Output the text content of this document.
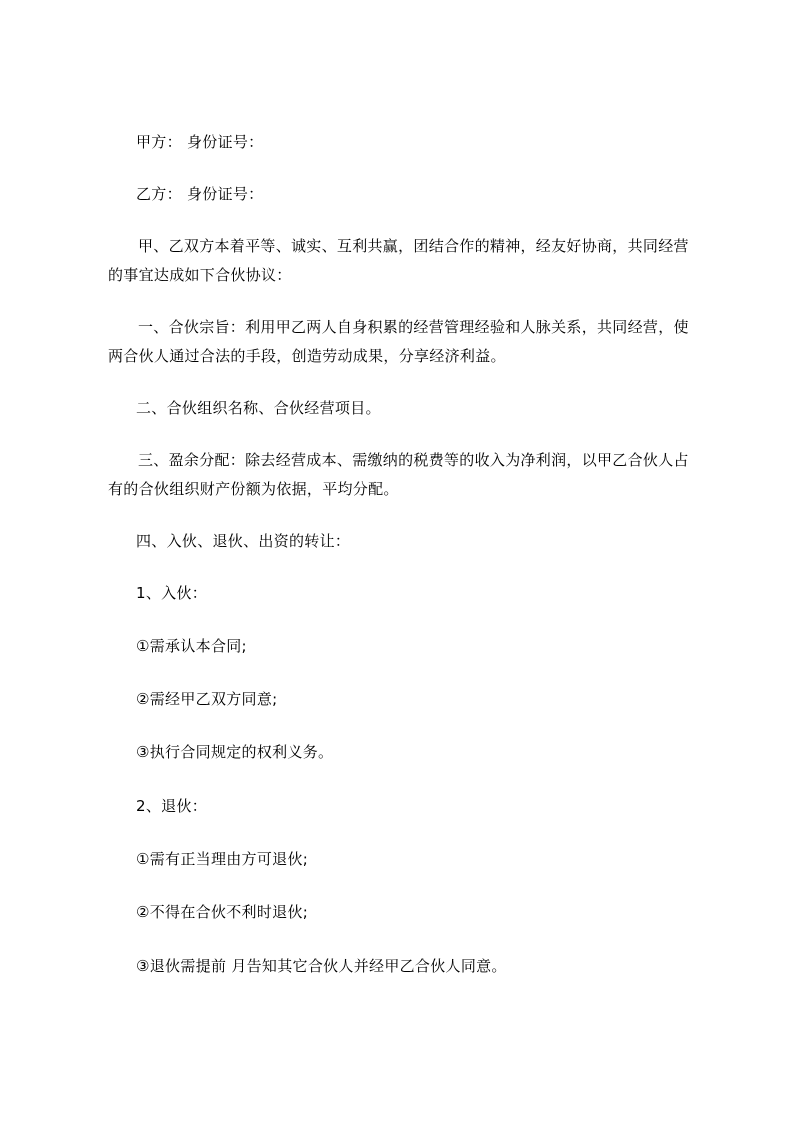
甲方： 身份证号：
乙方： 身份证号：
甲、乙双方本着平等、诚实、互利共赢，团结合作的精神，经友好协商，共同经营的事宜达成如下合伙协议：
一、合伙宗旨：利用甲乙两人自身积累的经营管理经验和人脉关系，共同经营，使两合伙人通过合法的手段，创造劳动成果，分享经济利益。
二、合伙组织名称、合伙经营项目。
三、盈余分配：除去经营成本、需缴纳的税费等的收入为净利润，以甲乙合伙人占有的合伙组织财产份额为依据，平均分配。
四、入伙、退伙、出资的转让：
1、入伙：
①需承认本合同;
②需经甲乙双方同意;
③执行合同规定的权利义务。
2、退伙：
①需有正当理由方可退伙;
②不得在合伙不利时退伙;
③退伙需提前 月告知其它合伙人并经甲乙合伙人同意。
